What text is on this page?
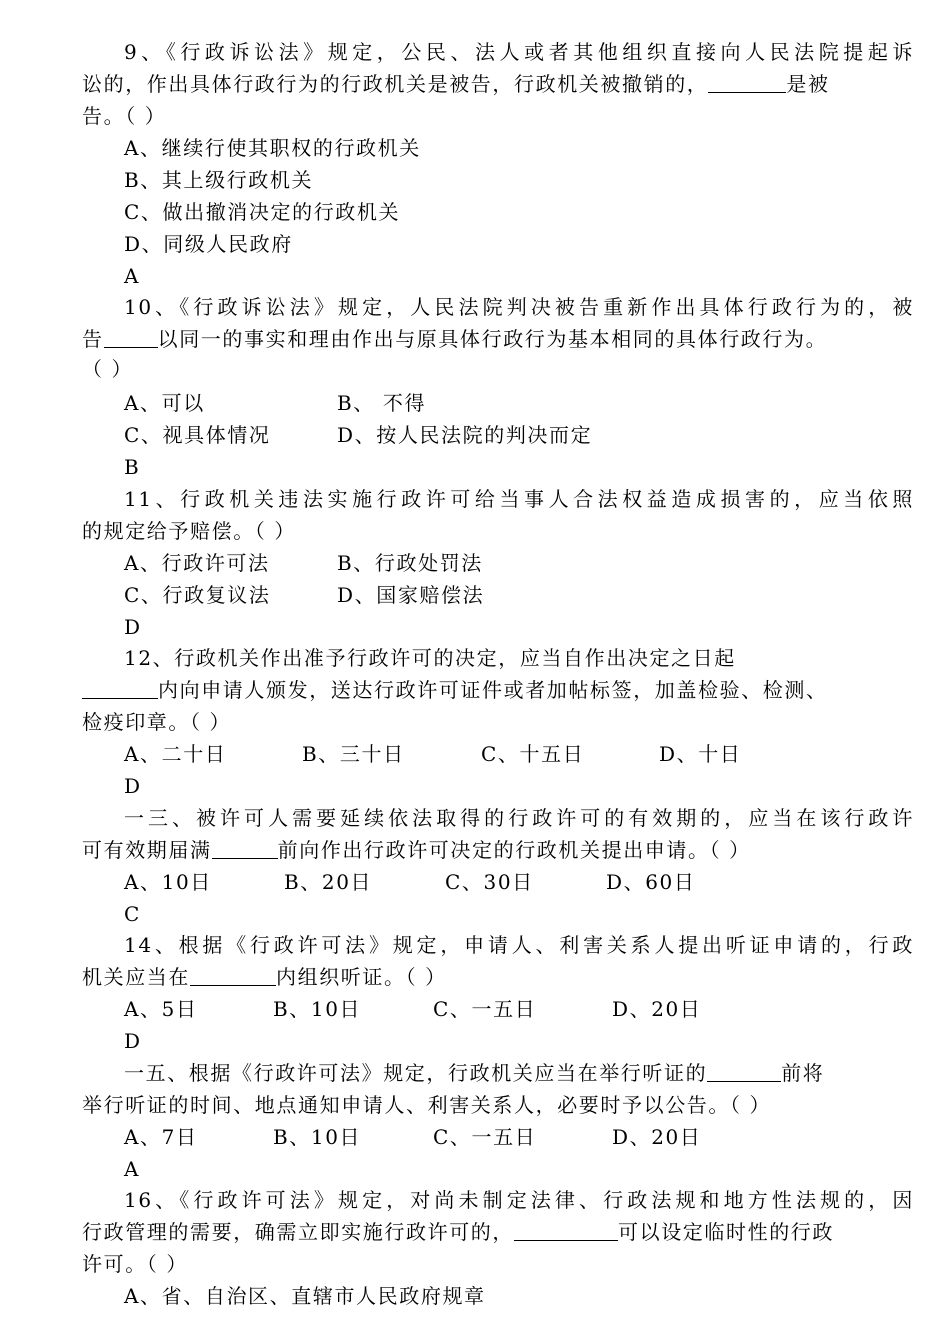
9、《行政诉讼法》规定，公民、法人或者其他组织直接向人民法院提起诉
讼的，作出具体行政行为的行政机关是被告，行政机关被撤销的，	是被
告。（ ）
A、继续行使其职权的行政机关
B、其上级行政机关
C、做出撤消决定的行政机关
D、同级人民政府
A
10、《行政诉讼法》规定，人民法院判决被告重新作出具体行政行为的，被
告	以同一的事实和理由作出与原具体行政行为基本相同的具体行政行为。
（ ）
A、可以	B、 不得
C、视具体情况	D、按人民法院的判决而定
B
11、行政机关违法实施行政许可给当事人合法权益造成损害的，应当依照
的规定给予赔偿。（ ）
A、行政许可法	B、行政处罚法
C、行政复议法	D、国家赔偿法
D
12、行政机关作出准予行政许可的决定，应当自作出决定之日起
内向申请人颁发，送达行政许可证件或者加帖标签，加盖检验、检测、
检疫印章。（ ）
A、二十日	B、三十日	C、十五日	D、十日
D
一三、被许可人需要延续依法取得的行政许可的有效期的，应当在该行政许
可有效期届满	前向作出行政许可决定的行政机关提出申请。（ ）
A、10日	B、20日	C、30日	D、60日
C
14、根据《行政许可法》规定，申请人、利害关系人提出听证申请的，行政
机关应当在	内组织听证。（ ）
A、5日	B、10日	C、一五日	D、20日
D
一五、根据《行政许可法》规定，行政机关应当在举行听证的	前将
举行听证的时间、地点通知申请人、利害关系人，必要时予以公告。（ ）
A、7日	B、10日	C、一五日	D、20日
A
16、《行政许可法》规定，对尚未制定法律、行政法规和地方性法规的，因
行政管理的需要，确需立即实施行政许可的，	可以设定临时性的行政
许可。（ ）
A、省、自治区、直辖市人民政府规章
